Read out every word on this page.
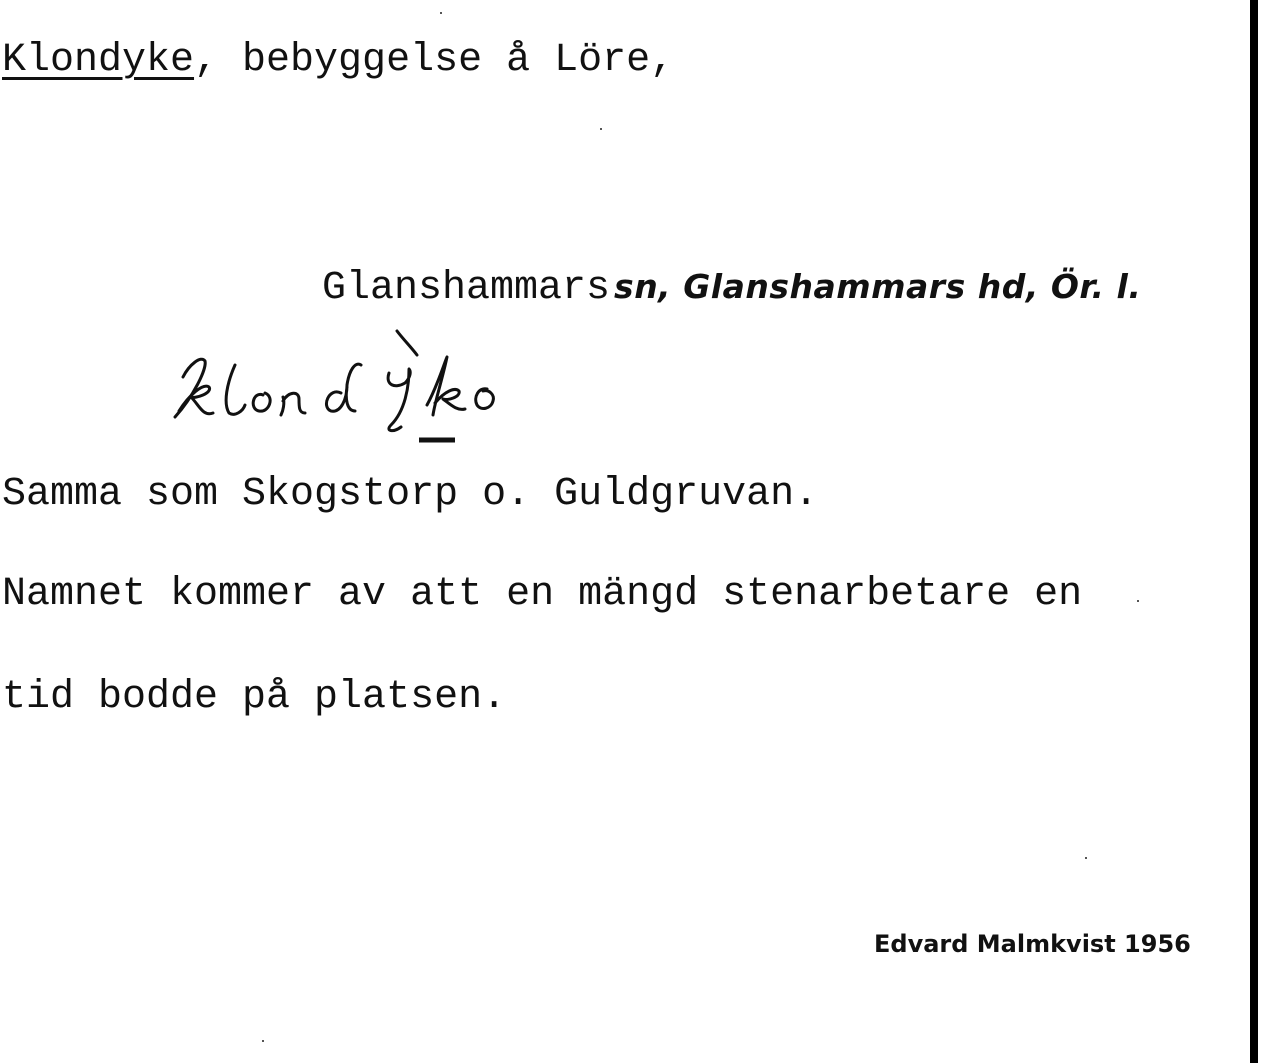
Klondyke, bebyggelse å Löre,

Glanshammars sn, Glanshammars hd, Ör. l.

Samma som Skogstorp o. Guldgruvan.

Namnet kommer av att en mängd stenarbetare en

tid bodde på platsen.

Edvard Malmkvist 1956
